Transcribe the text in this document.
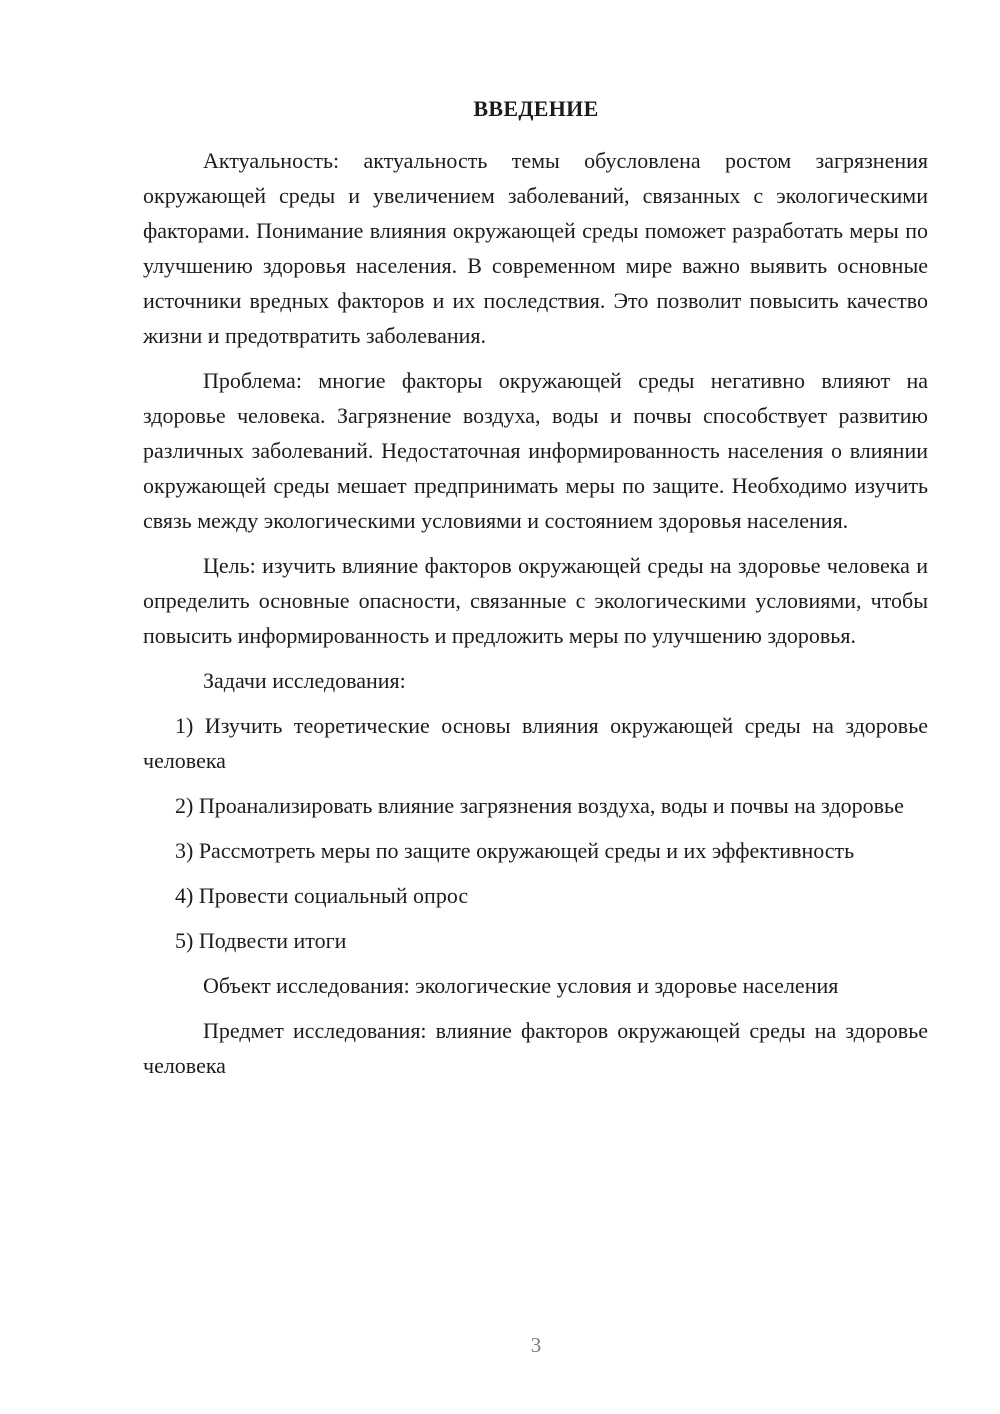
ВВЕДЕНИЕ

Актуальность: актуальность темы обусловлена ростом загрязнения окружающей среды и увеличением заболеваний, связанных с экологическими факторами. Понимание влияния окружающей среды поможет разработать меры по улучшению здоровья населения. В современном мире важно выявить основные источники вредных факторов и их последствия. Это позволит повысить качество жизни и предотвратить заболевания.

Проблема: многие факторы окружающей среды негативно влияют на здоровье человека. Загрязнение воздуха, воды и почвы способствует развитию различных заболеваний. Недостаточная информированность населения о влиянии окружающей среды мешает предпринимать меры по защите. Необходимо изучить связь между экологическими условиями и состоянием здоровья населения.

Цель: изучить влияние факторов окружающей среды на здоровье человека и определить основные опасности, связанные с экологическими условиями, чтобы повысить информированность и предложить меры по улучшению здоровья.

Задачи исследования:

1) Изучить теоретические основы влияния окружающей среды на здоровье человека

2) Проанализировать влияние загрязнения воздуха, воды и почвы на здоровье

3) Рассмотреть меры по защите окружающей среды и их эффективность

4) Провести социальный опрос

5) Подвести итоги

Объект исследования: экологические условия и здоровье населения

Предмет исследования: влияние факторов окружающей среды на здоровье человека

3
